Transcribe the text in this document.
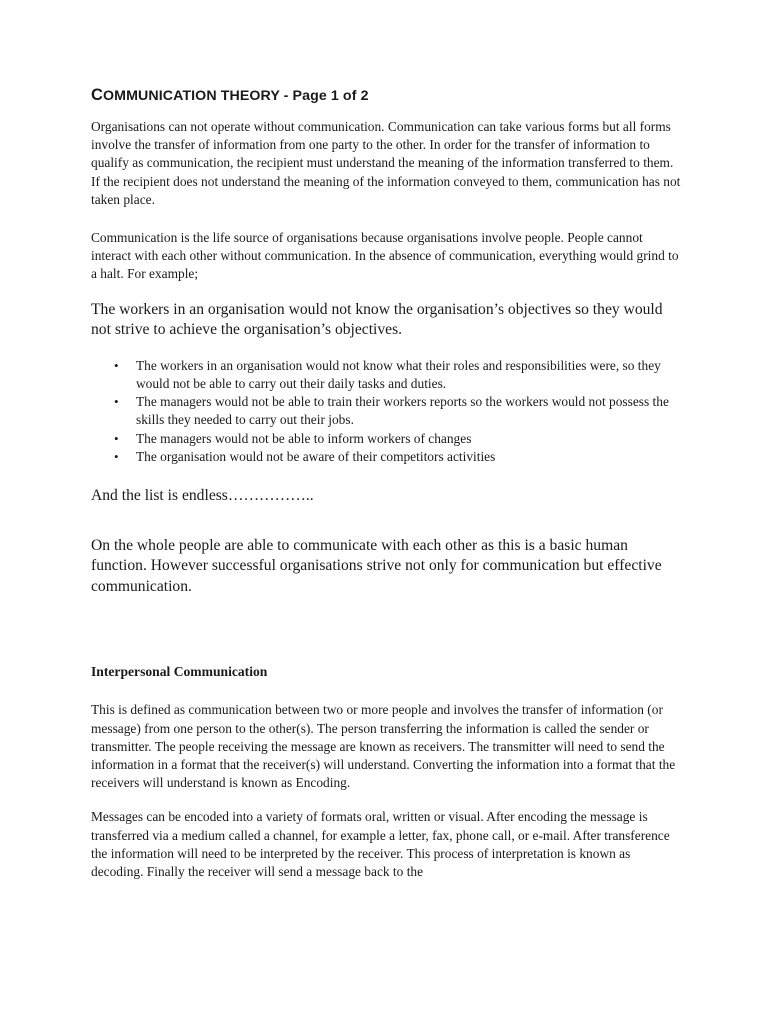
COMMUNICATION THEORY - Page 1 of 2

Organisations can not operate without communication. Communication can take various forms but all forms involve the transfer of information from one party to the other. In order for the transfer of information to qualify as communication, the recipient must understand the meaning of the information transferred to them. If the recipient does not understand the meaning of the information conveyed to them, communication has not taken place.

Communication is the life source of organisations because organisations involve people. People cannot interact with each other without communication. In the absence of communication, everything would grind to a halt. For example;

The workers in an organisation would not know the organisation’s objectives so they would not strive to achieve the organisation’s objectives.

• The workers in an organisation would not know what their roles and responsibilities were, so they would not be able to carry out their daily tasks and duties.
• The managers would not be able to train their workers reports so the workers would not possess the skills they needed to carry out their jobs.
• The managers would not be able to inform workers of changes
• The organisation would not be aware of their competitors activities

And the list is endless……………..

On the whole people are able to communicate with each other as this is a basic human function. However successful organisations strive not only for communication but effective communication.

Interpersonal Communication

This is defined as communication between two or more people and involves the transfer of information (or message) from one person to the other(s). The person transferring the information is called the sender or transmitter. The people receiving the message are known as receivers. The transmitter will need to send the information in a format that the receiver(s) will understand. Converting the information into a format that the receivers will understand is known as Encoding.

Messages can be encoded into a variety of formats oral, written or visual. After encoding the message is transferred via a medium called a channel, for example a letter, fax, phone call, or e-mail. After transference the information will need to be interpreted by the receiver. This process of interpretation is known as decoding. Finally the receiver will send a message back to the
